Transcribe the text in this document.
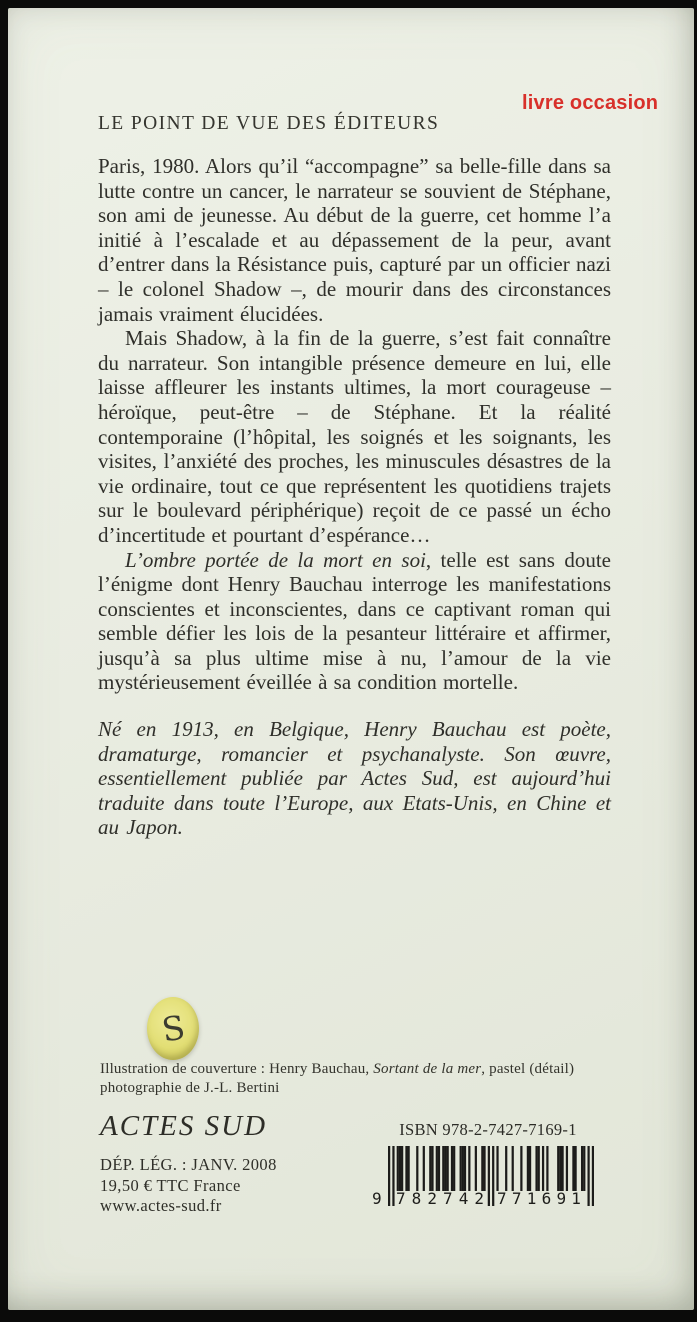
livre occasion
LE POINT DE VUE DES ÉDITEURS

Paris, 1980. Alors qu’il “accompagne” sa belle-fille dans sa lutte contre un cancer, le narrateur se souvient de Stéphane, son ami de jeunesse. Au début de la guerre, cet homme l’a initié à l’escalade et au dépassement de la peur, avant d’entrer dans la Résistance puis, capturé par un officier nazi – le colonel Shadow –, de mourir dans des circonstances jamais vraiment élucidées.

Mais Shadow, à la fin de la guerre, s’est fait connaître du narrateur. Son intangible présence demeure en lui, elle laisse affleurer les instants ultimes, la mort courageuse – héroïque, peut-être – de Stéphane. Et la réalité contemporaine (l’hôpital, les soignés et les soignants, les visites, l’anxiété des proches, les minuscules désastres de la vie ordinaire, tout ce que représentent les quotidiens trajets sur le boulevard périphérique) reçoit de ce passé un écho d’incertitude et pourtant d’espérance…

L’ombre portée de la mort en soi, telle est sans doute l’énigme dont Henry Bauchau interroge les manifestations conscientes et inconscientes, dans ce captivant roman qui semble défier les lois de la pesanteur littéraire et affirmer, jusqu’à sa plus ultime mise à nu, l’amour de la vie mystérieusement éveillée à sa condition mortelle.

Né en 1913, en Belgique, Henry Bauchau est poète, dramaturge, romancier et psychanalyste. Son œuvre, essentiellement publiée par Actes Sud, est aujourd’hui traduite dans toute l’Europe, aux Etats-Unis, en Chine et au Japon.

S
Illustration de couverture : Henry Bauchau, Sortant de la mer, pastel (détail)
photographie de J.-L. Bertini
ACTES SUD
DÉP. LÉG. : JANV. 2008
19,50 € TTC France
www.actes-sud.fr
ISBN 978-2-7427-7169-1
9 7 8 2 7 4 2 7 7 1 6 9 1
